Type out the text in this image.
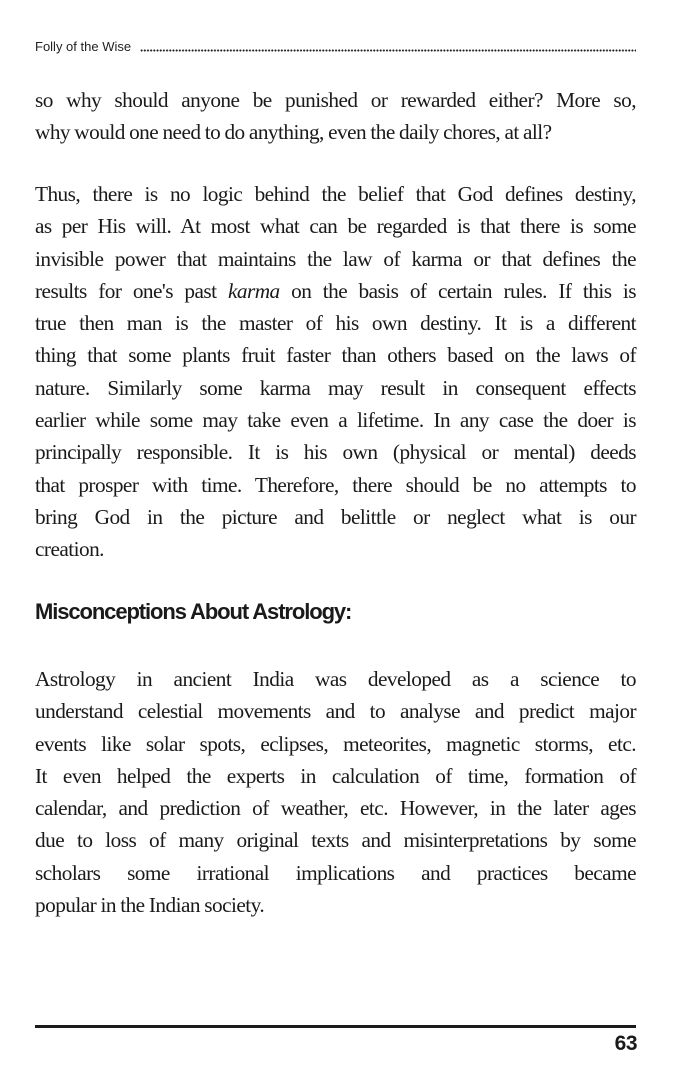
Folly of the Wise
so why should anyone be punished or rewarded either? More so,
why would one need to do anything, even the daily chores, at all?
Thus, there is no logic behind the belief that God defines destiny,
as per His will. At most what can be regarded is that there is some
invisible power that maintains the law of karma or that defines the
results for one's past karma on the basis of certain rules. If this is
true then man is the master of his own destiny. It is a different
thing that some plants fruit faster than others based on the laws of
nature. Similarly some karma may result in consequent effects
earlier while some may take even a lifetime. In any case the doer is
principally responsible. It is his own (physical or mental) deeds
that prosper with time. Therefore, there should be no attempts to
bring God in the picture and belittle or neglect what is our
creation.
Misconceptions About Astrology:
Astrology in ancient India was developed as a science to
understand celestial movements and to analyse and predict major
events like solar spots, eclipses, meteorites, magnetic storms, etc.
It even helped the experts in calculation of time, formation of
calendar, and prediction of weather, etc. However, in the later ages
due to loss of many original texts and misinterpretations by some
scholars some irrational implications and practices became
popular in the Indian society.
63
